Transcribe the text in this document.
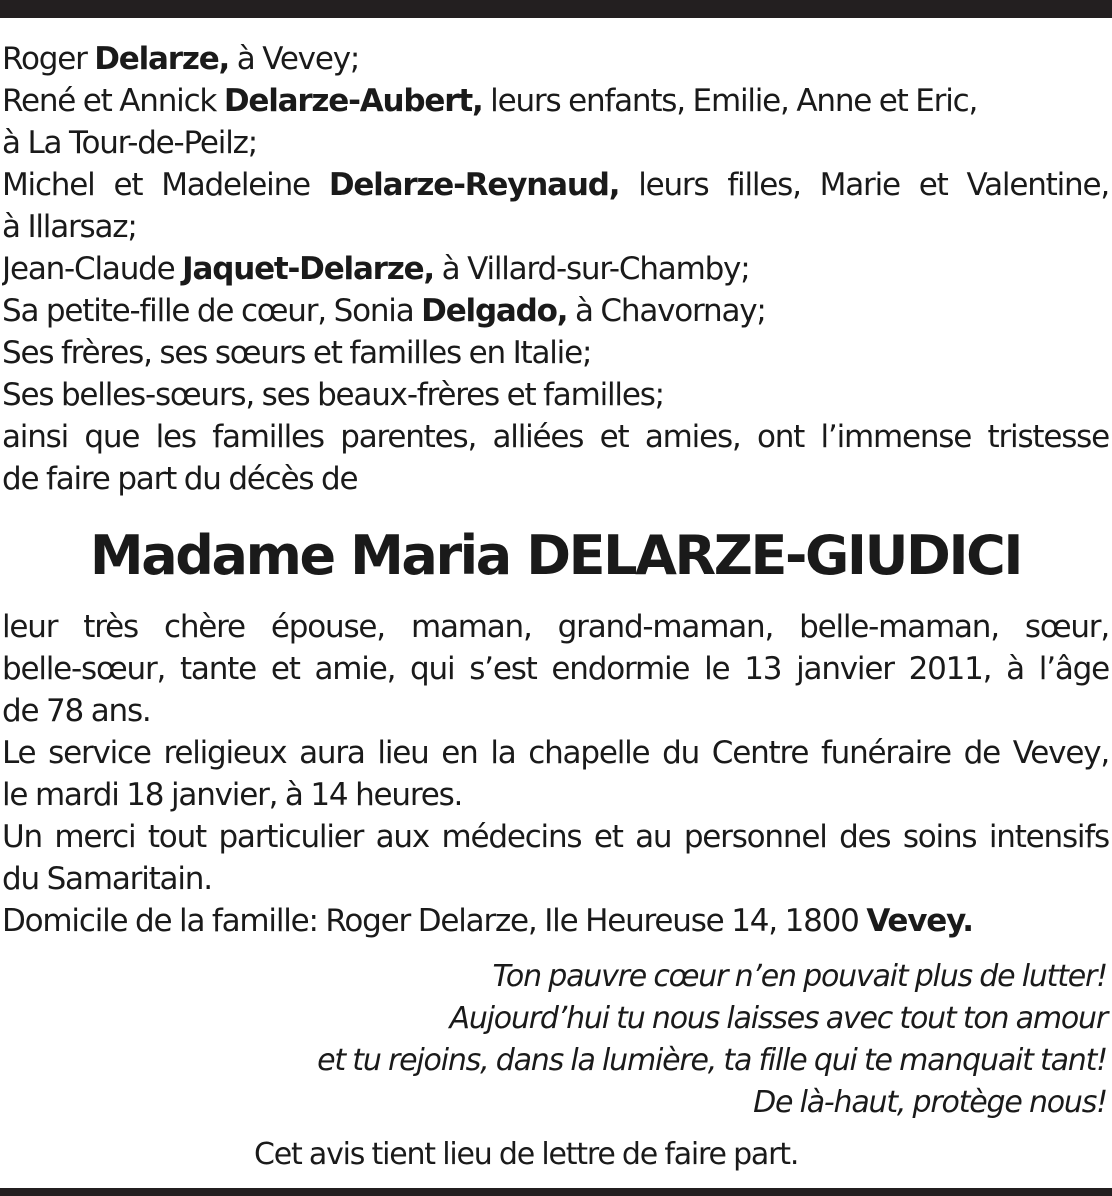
Roger Delarze, à Vevey;
René et Annick Delarze-Aubert, leurs enfants, Emilie, Anne et Eric,
à La Tour-de-Peilz;
Michel et Madeleine Delarze-Reynaud, leurs filles, Marie et Valentine,
à Illarsaz;
Jean-Claude Jaquet-Delarze, à Villard-sur-Chamby;
Sa petite-fille de cœur, Sonia Delgado, à Chavornay;
Ses frères, ses sœurs et familles en Italie;
Ses belles-sœurs, ses beaux-frères et familles;
ainsi que les familles parentes, alliées et amies, ont l’immense tristesse
de faire part du décès de
Madame Maria DELARZE-GIUDICI
leur très chère épouse, maman, grand-maman, belle-maman, sœur,
belle-sœur, tante et amie, qui s’est endormie le 13 janvier 2011, à l’âge
de 78 ans.
Le service religieux aura lieu en la chapelle du Centre funéraire de Vevey,
le mardi 18 janvier, à 14 heures.
Un merci tout particulier aux médecins et au personnel des soins intensifs
du Samaritain.
Domicile de la famille: Roger Delarze, Ile Heureuse 14, 1800 Vevey.
Ton pauvre cœur n’en pouvait plus de lutter!
Aujourd’hui tu nous laisses avec tout ton amour
et tu rejoins, dans la lumière, ta fille qui te manquait tant!
De là-haut, protège nous!
Cet avis tient lieu de lettre de faire part.
